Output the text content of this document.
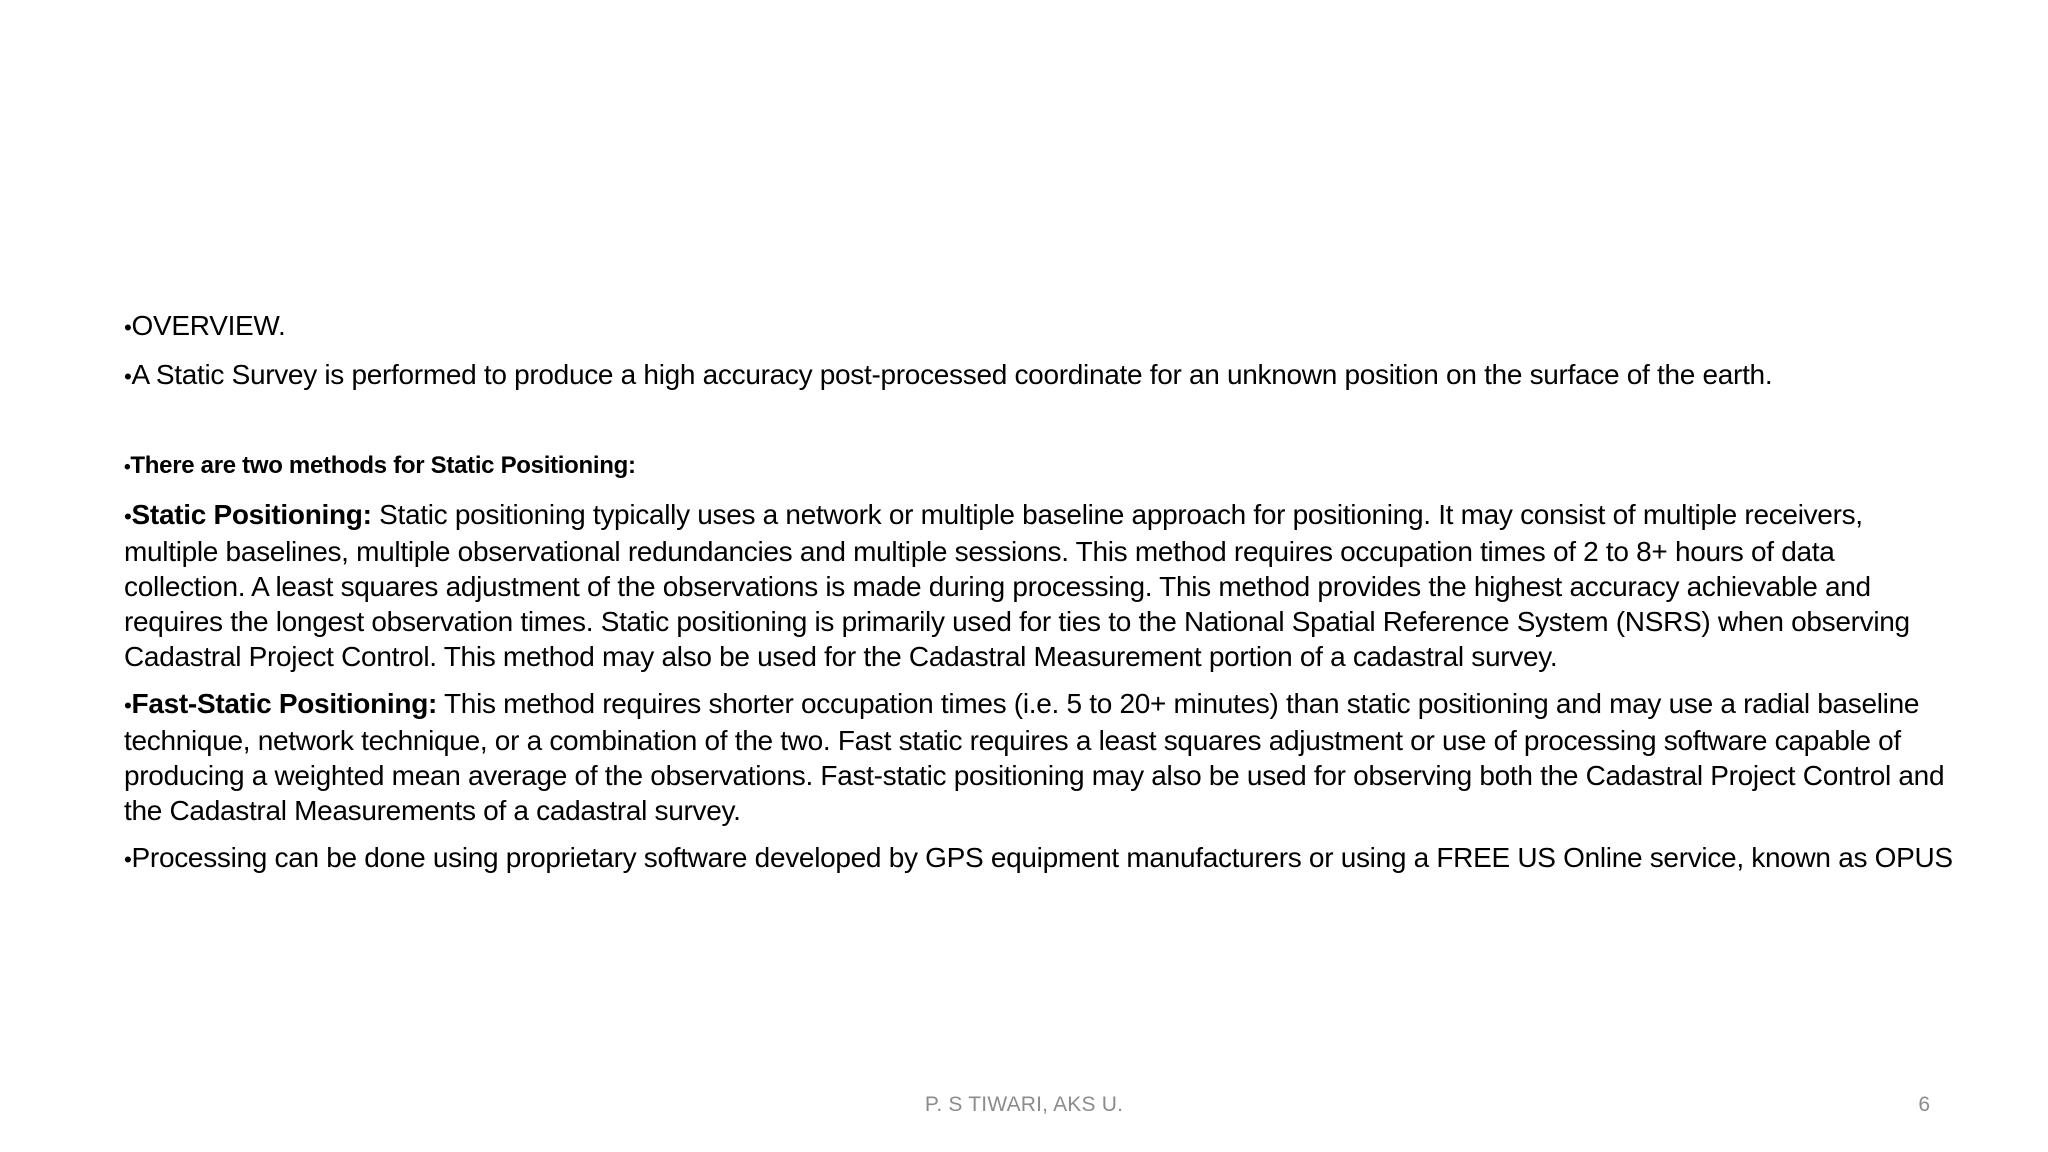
•OVERVIEW.

•A Static Survey is performed to produce a high accuracy post-processed coordinate for an unknown position on the surface of the earth.

•There are two methods for Static Positioning:

•Static Positioning: Static positioning typically uses a network or multiple baseline approach for positioning. It may consist of multiple receivers, multiple baselines, multiple observational redundancies and multiple sessions. This method requires occupation times of 2 to 8+ hours of data collection. A least squares adjustment of the observations is made during processing. This method provides the highest accuracy achievable and requires the longest observation times. Static positioning is primarily used for ties to the National Spatial Reference System (NSRS) when observing Cadastral Project Control. This method may also be used for the Cadastral Measurement portion of a cadastral survey.

•Fast-Static Positioning: This method requires shorter occupation times (i.e. 5 to 20+ minutes) than static positioning and may use a radial baseline technique, network technique, or a combination of the two. Fast static requires a least squares adjustment or use of processing software capable of producing a weighted mean average of the observations. Fast-static positioning may also be used for observing both the Cadastral Project Control and the Cadastral Measurements of a cadastral survey.

•Processing can be done using proprietary software developed by GPS equipment manufacturers or using a FREE US Online service, known as OPUS

P. S TIWARI, AKS U.	6
